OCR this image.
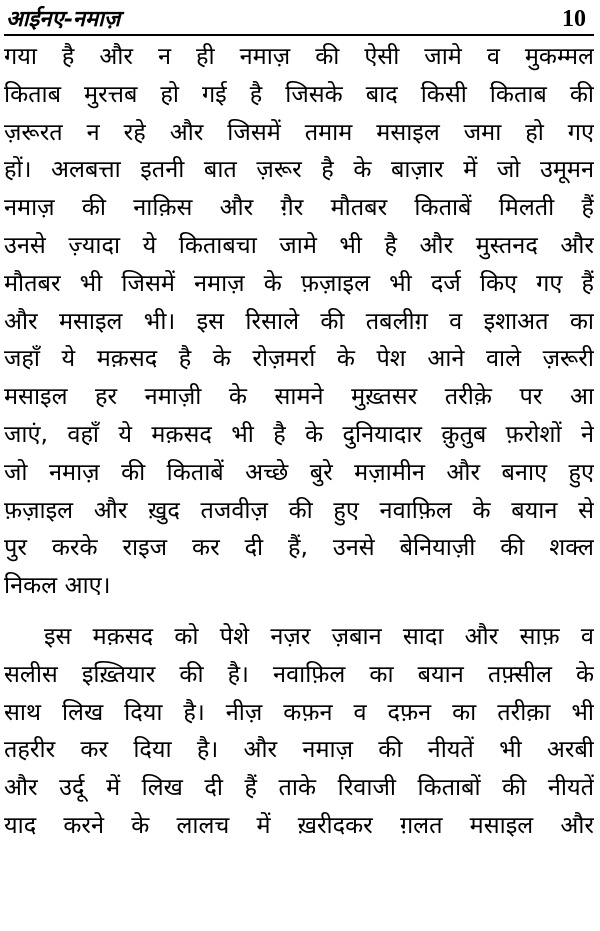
आईनए-नमाज़	10
गया है और न ही नमाज़ की ऐसी जामे व मुकम्मल
किताब मुरत्तब हो गई है जिसके बाद किसी किताब की
ज़रूरत न रहे और जिसमें तमाम मसाइल जमा हो गए
हों। अलबत्ता इतनी बात ज़रूर है के बाज़ार में जो उमूमन
नमाज़ की नाक़िस और ग़ैर मौतबर किताबें मिलती हैं
उनसे ज़्यादा ये किताबचा जामे भी है और मुस्तनद और
मौतबर भी जिसमें नमाज़ के फ़ज़ाइल भी दर्ज किए गए हैं
और मसाइल भी। इस रिसाले की तबलीग़ व इशाअत का
जहाँ ये मक़सद है के रोज़मर्रा के पेश आने वाले ज़रूरी
मसाइल हर नमाज़ी के सामने मुख़्तसर तरीक़े पर आ
जाएं, वहाँ ये मक़सद भी है के दुनियादार क़ुतुब फ़रोशों ने
जो नमाज़ की किताबें अच्छे बुरे मज़ामीन और बनाए हुए
फ़ज़ाइल और ख़ुद तजवीज़ की हुए नवाफ़िल के बयान से
पुर करके राइज कर दी हैं, उनसे बेनियाज़ी की शक्ल
निकल आए।
इस मक़सद को पेशे नज़र ज़बान सादा और साफ़ व
सलीस इख़्तियार की है। नवाफ़िल का बयान तफ़्सील के
साथ लिख दिया है। नीज़ कफ़न व दफ़न का तरीक़ा भी
तहरीर कर दिया है। और नमाज़ की नीयतें भी अरबी
और उर्दू में लिख दी हैं ताके रिवाजी किताबों की नीयतें
याद करने के लालच में ख़रीदकर ग़लत मसाइल और
